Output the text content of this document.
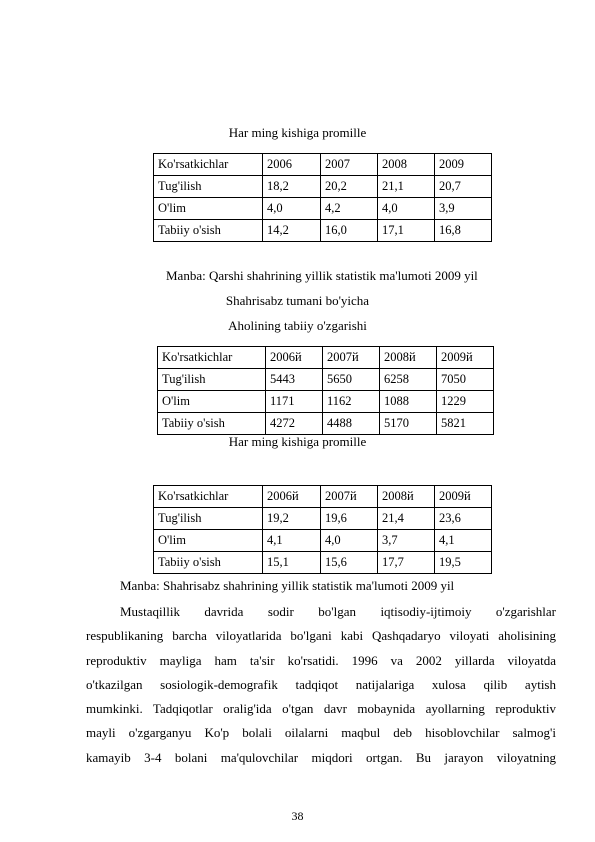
Har ming kishiga promille
Ko'rsatkichlar	2006	2007	2008	2009
Tug'ilish	18,2	20,2	21,1	20,7
O'lim	4,0	4,2	4,0	3,9
Tabiiy o'sish	14,2	16,0	17,1	16,8
Manba: Qarshi shahrining yillik statistik ma'lumoti 2009 yil
Shahrisabz tumani bo'yicha
Aholining tabiiy o'zgarishi
Ko'rsatkichlar	2006й	2007й	2008й	2009й
Tug'ilish	5443	5650	6258	7050
O'lim	1171	1162	1088	1229
Tabiiy o'sish	4272	4488	5170	5821
Har ming kishiga promille
Ko'rsatkichlar	2006й	2007й	2008й	2009й
Tug'ilish	19,2	19,6	21,4	23,6
O'lim	4,1	4,0	3,7	4,1
Tabiiy o'sish	15,1	15,6	17,7	19,5
Manba: Shahrisabz shahrining yillik statistik ma'lumoti 2009 yil
Mustaqillik davrida sodir bo'lgan iqtisodiy-ijtimoiy o'zgarishlar
respublikaning barcha viloyatlarida bo'lgani kabi Qashqadaryo viloyati aholisining
reproduktiv mayliga ham ta'sir ko'rsatidi. 1996 va 2002 yillarda viloyatda
o'tkazilgan sosiologik-demografik tadqiqot natijalariga xulosa qilib aytish
mumkinki. Tadqiqotlar oralig'ida o'tgan davr mobaynida ayollarning reproduktiv
mayli o'zgarganyu Ko'p bolali oilalarni maqbul deb hisoblovchilar salmog'i
kamayib 3-4 bolani ma'qulovchilar miqdori ortgan. Bu jarayon viloyatning
38
